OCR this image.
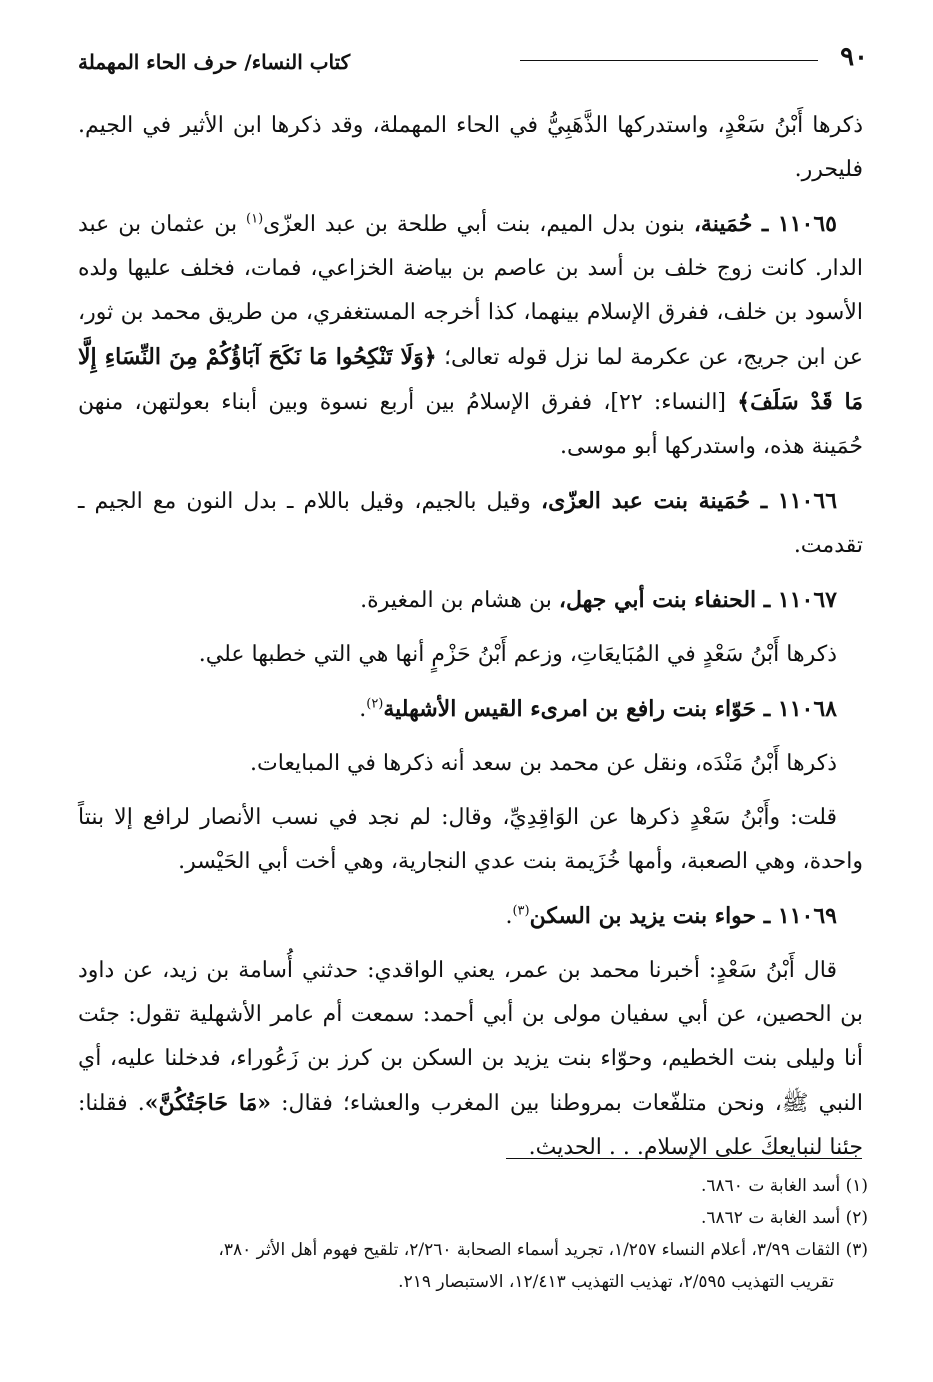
٩٠
كتاب النساء/ حرف الحاء المهملة

ذكرها أَبْنُ سَعْدٍ، واستدركها الذَّهَبِيُّ في الحاء المهملة، وقد ذكرها ابن الأثير في الجيم. فليحرر.

١١٠٦٥ ـ حُمَينة، بنون بدل الميم، بنت أبي طلحة بن عبد العزّى$^{(١)}$ بن عثمان بن عبد الدار. كانت زوج خلف بن أسد بن عاصم بن بياضة الخزاعي، فمات، فخلف عليها ولده الأسود بن خلف، ففرق الإسلام بينهما، كذا أخرجه المستغفري، من طريق محمد بن ثور، عن ابن جريج، عن عكرمة لما نزل قوله تعالى؛ ﴿وَلَا تَنْكِحُوا مَا نَكَحَ آبَاؤُكُمْ مِنَ النِّسَاءِ إِلَّا مَا قَدْ سَلَفَ﴾ [النساء: ٢٢]، ففرق الإسلامُ بين أربع نسوة وبين أبناء بعولتهن، منهن حُمَينة هذه، واستدركها أبو موسى.

١١٠٦٦ ـ حُمَينة بنت عبد العزّى، وقيل بالجيم، وقيل باللام ـ بدل النون مع الجيم ـ تقدمت.

١١٠٦٧ ـ الحنفاء بنت أبي جهل، بن هشام بن المغيرة.

ذكرها أَبْنُ سَعْدٍ في المُبَايعَاتِ، وزعم أَبْنُ حَزْمٍ أنها هي التي خطبها علي.

١١٠٦٨ ـ حَوّاء بنت رافع بن امرىء القيس الأشهلية$^{(٢)}$.

ذكرها أَبْنُ مَنْدَه، ونقل عن محمد بن سعد أنه ذكرها في المبايعات.

قلت: وأَبْنُ سَعْدٍ ذكرها عن الوَاقِدِيِّ، وقال: لم نجد في نسب الأنصار لرافع إلا بنتاً واحدة، وهي الصعبة، وأمها خُزَيمة بنت عدي النجارية، وهي أخت أبي الحَيْسر.

١١٠٦٩ ـ حواء بنت يزيد بن السكن$^{(٣)}$.

قال أَبْنُ سَعْدٍ: أخبرنا محمد بن عمر، يعني الواقدي: حدثني أُسامة بن زيد، عن داود بن الحصين، عن أبي سفيان مولى بن أبي أحمد: سمعت أم عامر الأشهلية تقول: جئت أنا وليلى بنت الخطيم، وحوّاء بنت يزيد بن السكن بن كرز بن زَعُوراء، فدخلنا عليه، أي النبي ﷺ، ونحن متلفّعات بمروطنا بين المغرب والعشاء؛ فقال: «مَا حَاجَتُكُنَّ». فقلنا: جئنا لنبايعكَ على الإسلام. . . الحديث.

(١) أسد الغابة ت ٦٨٦٠.

(٢) أسد الغابة ت ٦٨٦٢.

(٣) الثقات ٣/٩٩، أعلام النساء ١/٢٥٧، تجريد أسماء الصحابة ٢/٢٦٠، تلقيح فهوم أهل الأثر ٣٨٠،

تقريب التهذيب ٢/٥٩٥، تهذيب التهذيب ١٢/٤١٣، الاستبصار ٢١٩.
